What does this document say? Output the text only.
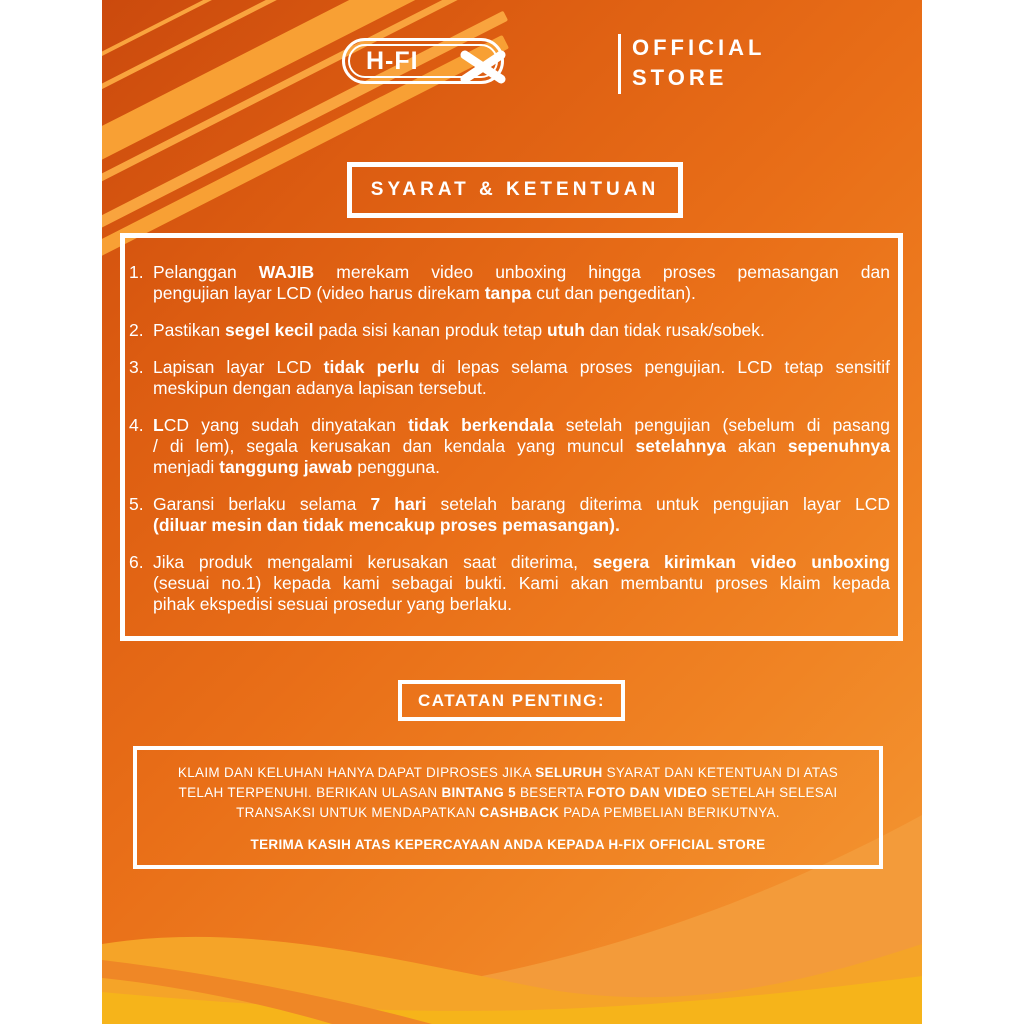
H-FI	OFFICIAL
STORE
SYARAT & KETENTUAN
1. Pelanggan WAJIB merekam video unboxing hingga proses pemasangan dan
pengujian layar LCD (video harus direkam tanpa cut dan pengeditan).
2. Pastikan segel kecil pada sisi kanan produk tetap utuh dan tidak rusak/sobek.
3. Lapisan layar LCD tidak perlu di lepas selama proses pengujian. LCD tetap sensitif
meskipun dengan adanya lapisan tersebut.
4. LCD yang sudah dinyatakan tidak berkendala setelah pengujian (sebelum di pasang
/ di lem), segala kerusakan dan kendala yang muncul setelahnya akan sepenuhnya
menjadi tanggung jawab pengguna.
5. Garansi berlaku selama 7 hari setelah barang diterima untuk pengujian layar LCD
(diluar mesin dan tidak mencakup proses pemasangan).
6. Jika produk mengalami kerusakan saat diterima, segera kirimkan video unboxing
(sesuai no.1) kepada kami sebagai bukti. Kami akan membantu proses klaim kepada
pihak ekspedisi sesuai prosedur yang berlaku.
CATATAN PENTING:

KLAIM DAN KELUHAN HANYA DAPAT DIPROSES JIKA SELURUH SYARAT DAN KETENTUAN DI ATAS TELAH TERPENUHI. BERIKAN ULASAN BINTANG 5 BESERTA FOTO DAN VIDEO SETELAH SELESAI TRANSAKSI UNTUK MENDAPATKAN CASHBACK PADA PEMBELIAN BERIKUTNYA.

TERIMA KASIH ATAS KEPERCAYAAN ANDA KEPADA H-FIX OFFICIAL STORE
